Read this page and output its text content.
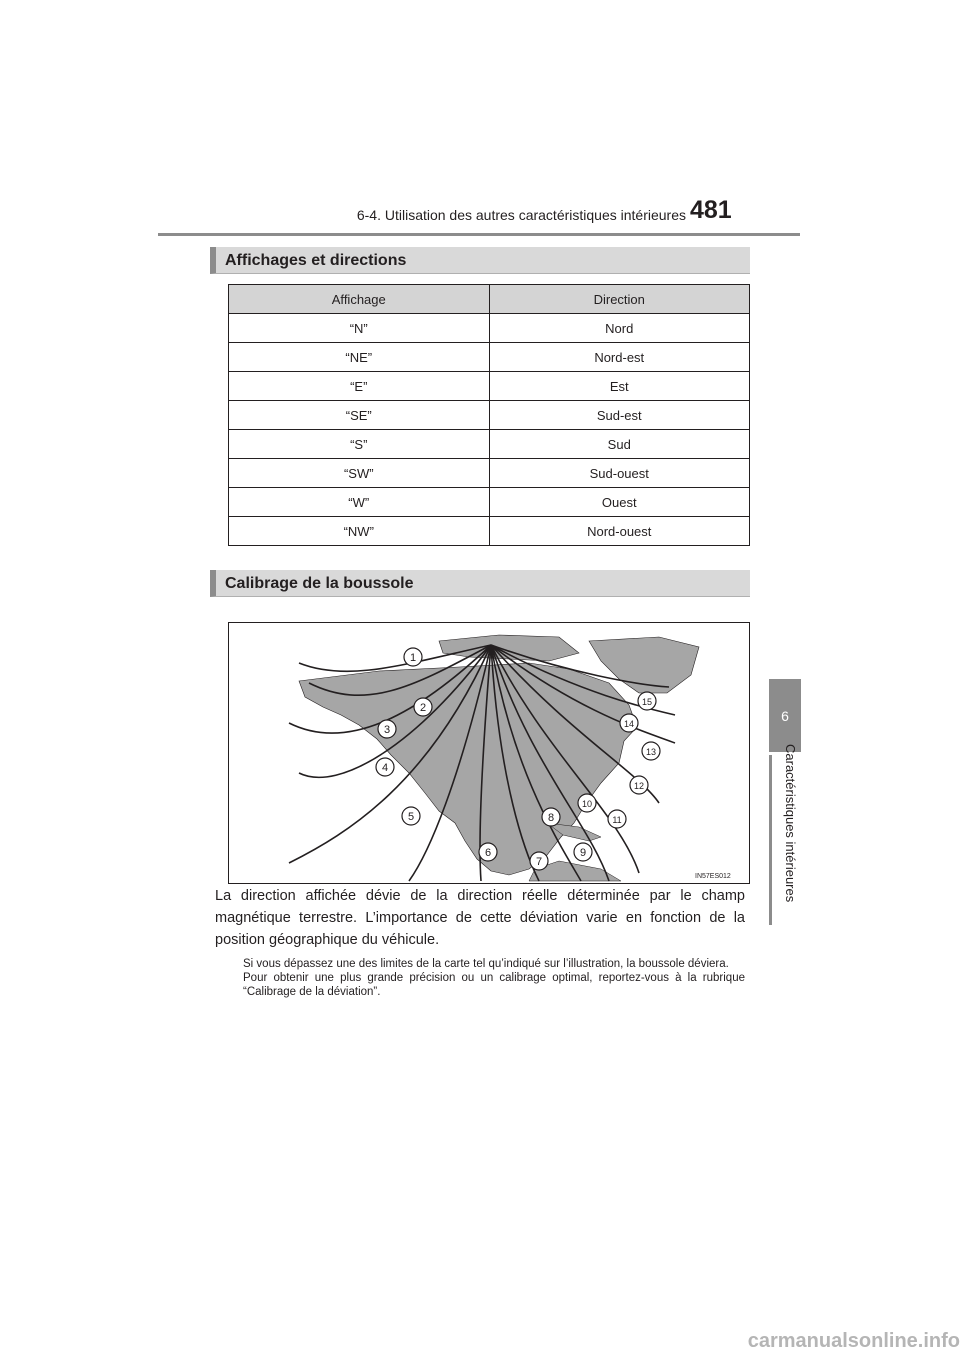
6-4. Utilisation des autres caractéristiques intérieures 481
6
Caractéristiques intérieures
Affichages et directions
Affichage	Direction
“N”	Nord
“NE”	Nord-est
“E”	Est
“SE”	Sud-est
“S”	Sud
“SW”	Sud-ouest
“W”	Ouest
“NW”	Nord-ouest
Calibrage de la boussole
1
2
3
4
5
6
7
8
9
10
11
12
13
14
15
IN57ES012
La direction affichée dévie de la direction réelle déterminée par le champ magnétique terrestre. L’importance de cette déviation varie en fonction de la position géographique du véhicule.

Si vous dépassez une des limites de la carte tel qu’indiqué sur l’illustration, la boussole déviera.

Pour obtenir une plus grande précision ou un calibrage optimal, reportez-vous à la rubrique “Calibrage de la déviation”.

carmanualsonline.info
